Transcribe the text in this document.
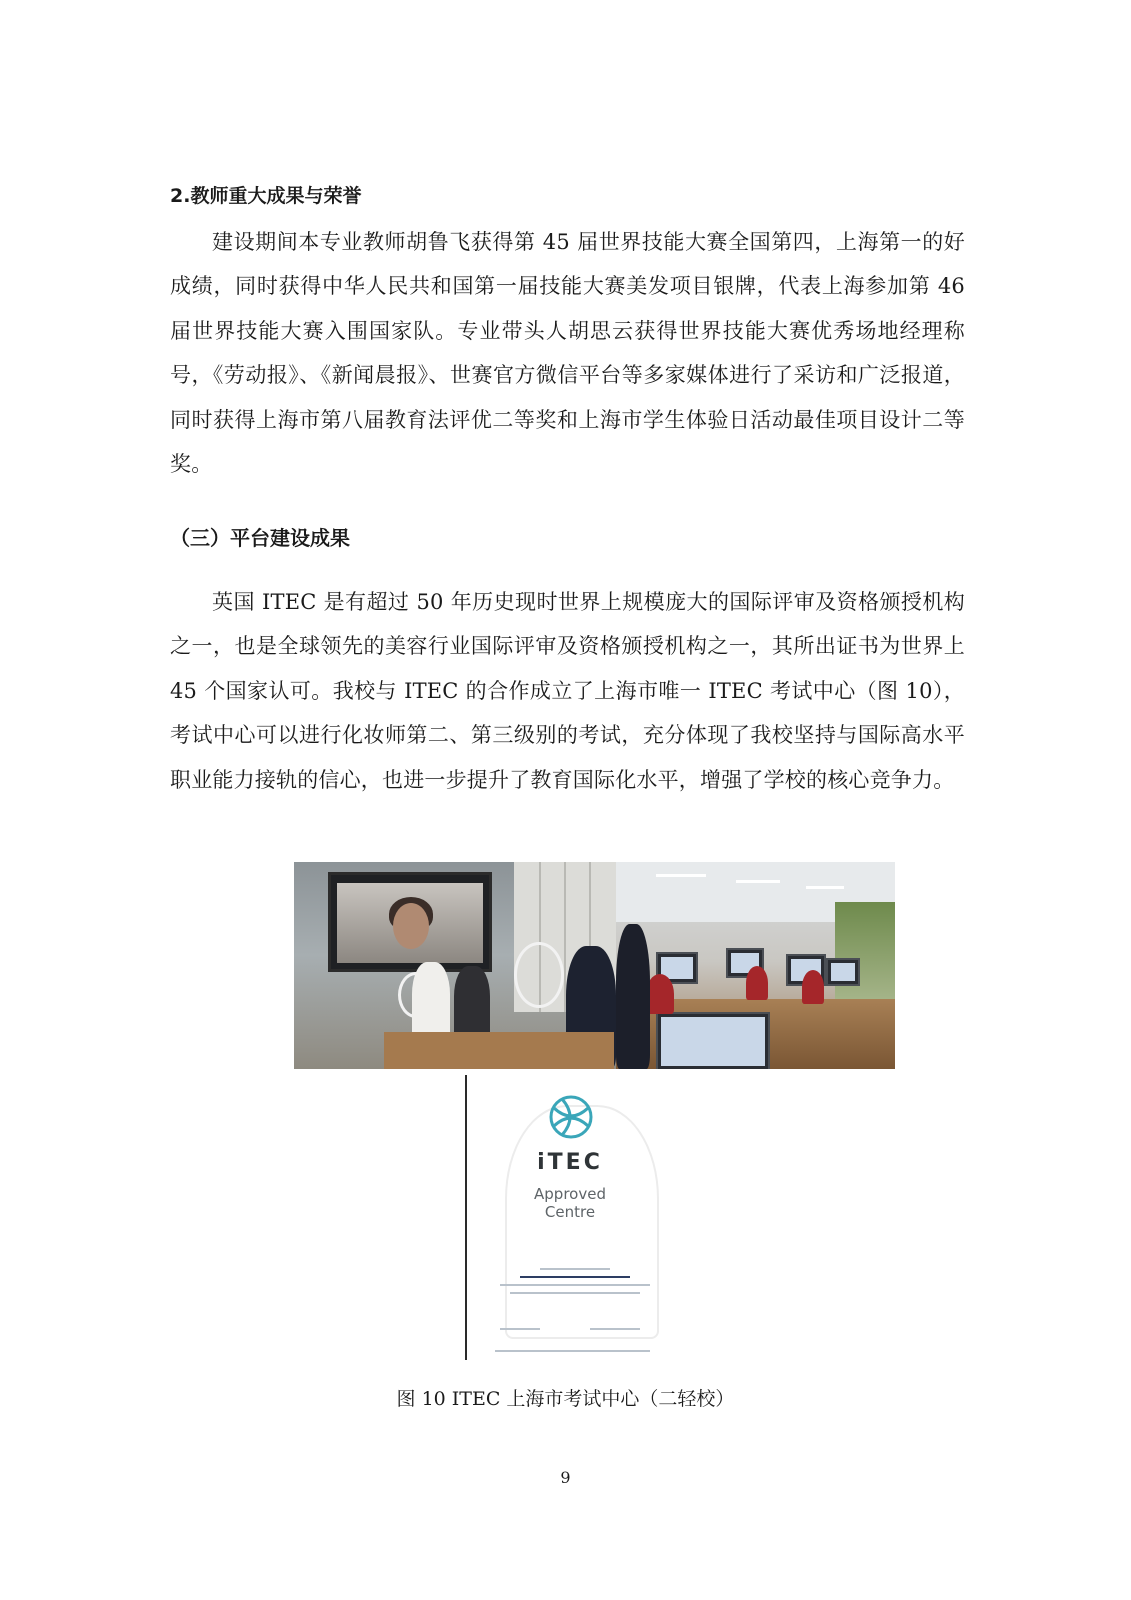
2.教师重大成果与荣誉

建设期间本专业教师胡鲁飞获得第 45 届世界技能大赛全国第四，上海第一的好成绩，同时获得中华人民共和国第一届技能大赛美发项目银牌，代表上海参加第 46 届世界技能大赛入围国家队。专业带头人胡思云获得世界技能大赛优秀场地经理称号，《劳动报》、《新闻晨报》、世赛官方微信平台等多家媒体进行了采访和广泛报道，同时获得上海市第八届教育法评优二等奖和上海市学生体验日活动最佳项目设计二等奖。

（三）平台建设成果

英国 ITEC 是有超过 50 年历史现时世界上规模庞大的国际评审及资格颁授机构之一，也是全球领先的美容行业国际评审及资格颁授机构之一，其所出证书为世界上 45 个国家认可。我校与 ITEC 的合作成立了上海市唯一 ITEC 考试中心（图 10），考试中心可以进行化妆师第二、第三级别的考试，充分体现了我校坚持与国际高水平职业能力接轨的信心，也进一步提升了教育国际化水平，增强了学校的核心竞争力。

iTEC
Approved
Centre
图 10 ITEC 上海市考试中心（二轻校）
9
